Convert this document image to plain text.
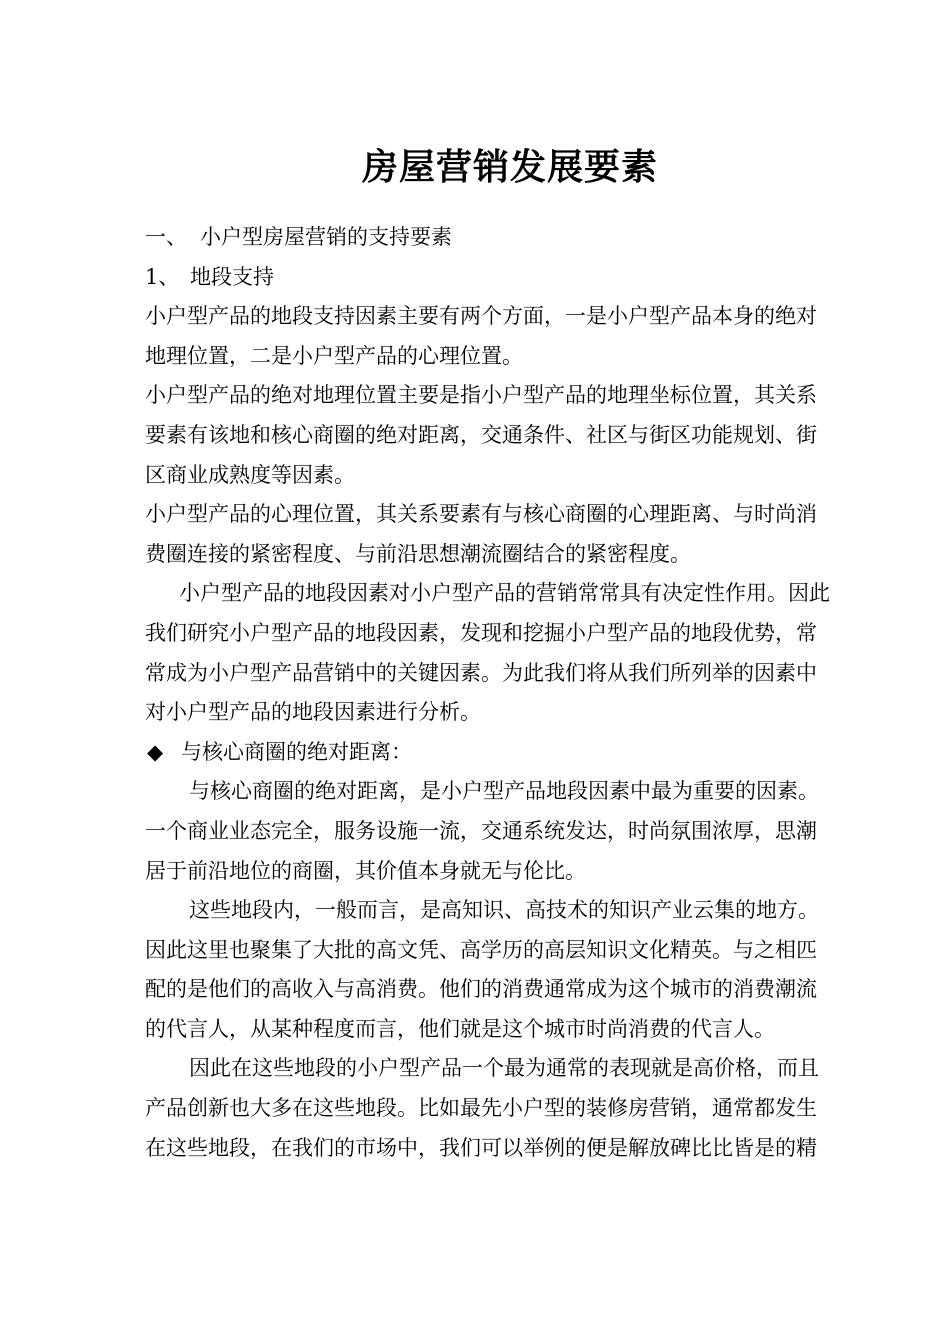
房屋营销发展要素
一、 小户型房屋营销的支持要素
1、 地段支持
小户型产品的地段支持因素主要有两个方面，一是小户型产品本身的绝对
地理位置，二是小户型产品的心理位置。
小户型产品的绝对地理位置主要是指小户型产品的地理坐标位置，其关系
要素有该地和核心商圈的绝对距离，交通条件、社区与街区功能规划、街
区商业成熟度等因素。
小户型产品的心理位置，其关系要素有与核心商圈的心理距离、与时尚消
费圈连接的紧密程度、与前沿思想潮流圈结合的紧密程度。
小户型产品的地段因素对小户型产品的营销常常具有决定性作用。因此
我们研究小户型产品的地段因素，发现和挖掘小户型产品的地段优势，常
常成为小户型产品营销中的关键因素。为此我们将从我们所列举的因素中
对小户型产品的地段因素进行分析。
◆ 与核心商圈的绝对距离：
与核心商圈的绝对距离，是小户型产品地段因素中最为重要的因素。
一个商业业态完全，服务设施一流，交通系统发达，时尚氛围浓厚，思潮
居于前沿地位的商圈，其价值本身就无与伦比。
这些地段内，一般而言，是高知识、高技术的知识产业云集的地方。
因此这里也聚集了大批的高文凭、高学历的高层知识文化精英。与之相匹
配的是他们的高收入与高消费。他们的消费通常成为这个城市的消费潮流
的代言人，从某种程度而言，他们就是这个城市时尚消费的代言人。
因此在这些地段的小户型产品一个最为通常的表现就是高价格，而且
产品创新也大多在这些地段。比如最先小户型的装修房营销，通常都发生
在这些地段，在我们的市场中，我们可以举例的便是解放碑比比皆是的精
